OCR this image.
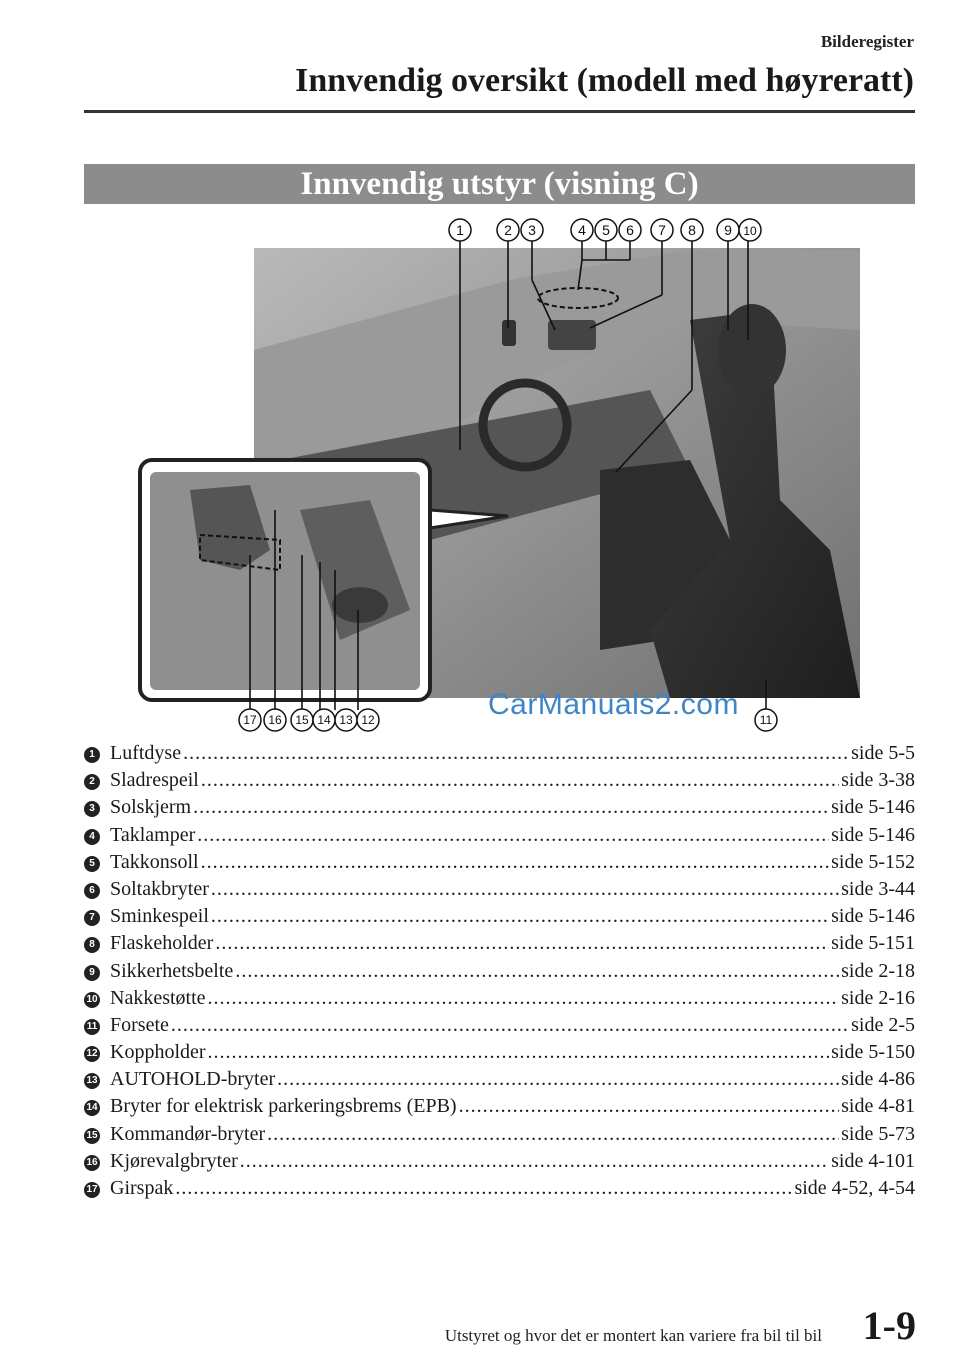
Bilderegister
Innvendig oversikt (modell med høyreratt)
Innvendig utstyr (visning C)
1	2 3	4 5 6 7 8 9 10
17 16 15 14 13 12	11
CarManuals2.com
1 Luftdyse .....	side 5-5
2 Sladrespeil .....	side 3-38
3 Solskjerm .....	side 5-146
4 Taklamper .....	side 5-146
5 Takkonsoll .....	side 5-152
6 Soltakbryter .....	side 3-44
7 Sminkespeil .....	side 5-146
8 Flaskeholder .....	side 5-151
9 Sikkerhetsbelte .....	side 2-18
10 Nakkestøtte .....	side 2-16
11 Forsete .....	side 2-5
12 Koppholder .....	side 5-150
13 AUTOHOLD-bryter .....	side 4-86
14 Bryter for elektrisk parkeringsbrems (EPB) .....	side 4-81
15 Kommandør-bryter .....	side 5-73
16 Kjørevalgbryter .....	side 4-101
17 Girspak .....	side 4-52, 4-54
Utstyret og hvor det er montert kan variere fra bil til bil 1-9
